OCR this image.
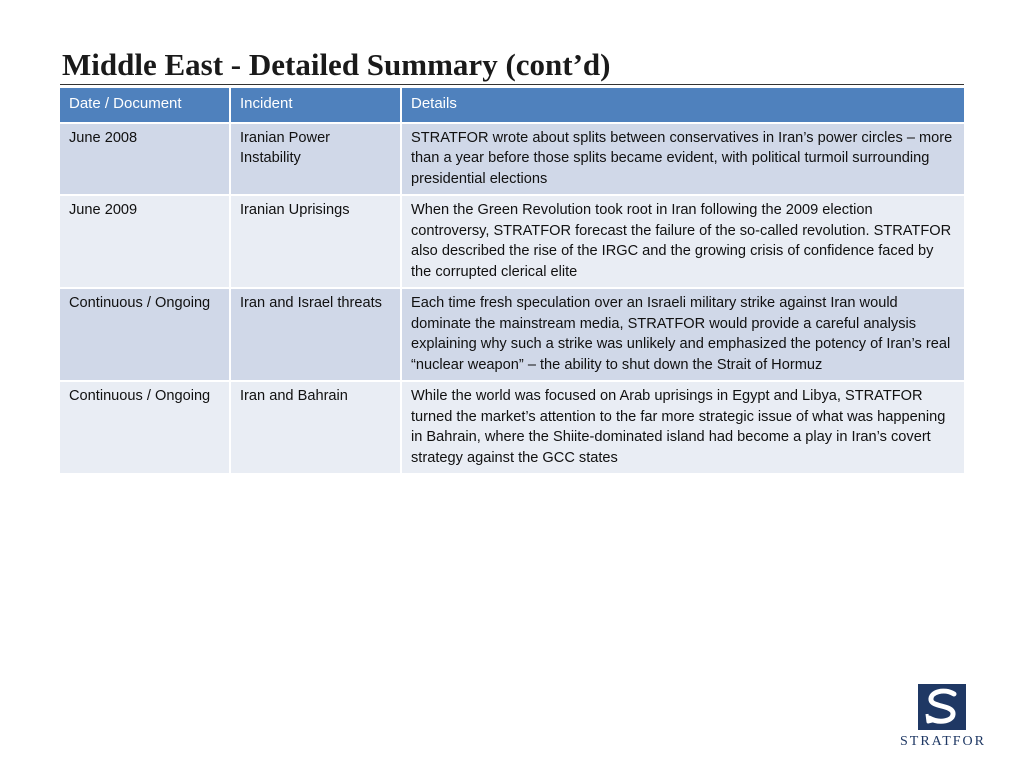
Middle East - Detailed Summary (cont’d)
Date / Document	Incident	Details
June 2008	Iranian Power Instability	STRATFOR wrote about splits between conservatives in Iran’s power circles – more than a year before those splits became evident, with political turmoil surrounding presidential elections
June 2009	Iranian Uprisings	When the Green Revolution took root in Iran following the 2009 election controversy, STRATFOR forecast the failure of the so-called revolution. STRATFOR also described the rise of the IRGC and the growing crisis of confidence faced by the corrupted clerical elite
Continuous / Ongoing	Iran and Israel threats	Each time fresh speculation over an Israeli military strike against Iran would dominate the mainstream media, STRATFOR would provide a careful analysis explaining why such a strike was unlikely and emphasized the potency of Iran’s real “nuclear weapon” – the ability to shut down the Strait of Hormuz
Continuous / Ongoing	Iran and Bahrain	While the world was focused on Arab uprisings in Egypt and Libya, STRATFOR turned the market’s attention to the far more strategic issue of what was happening in Bahrain, where the Shiite-dominated island had become a play in Iran’s covert strategy against the GCC states
STRATFOR
